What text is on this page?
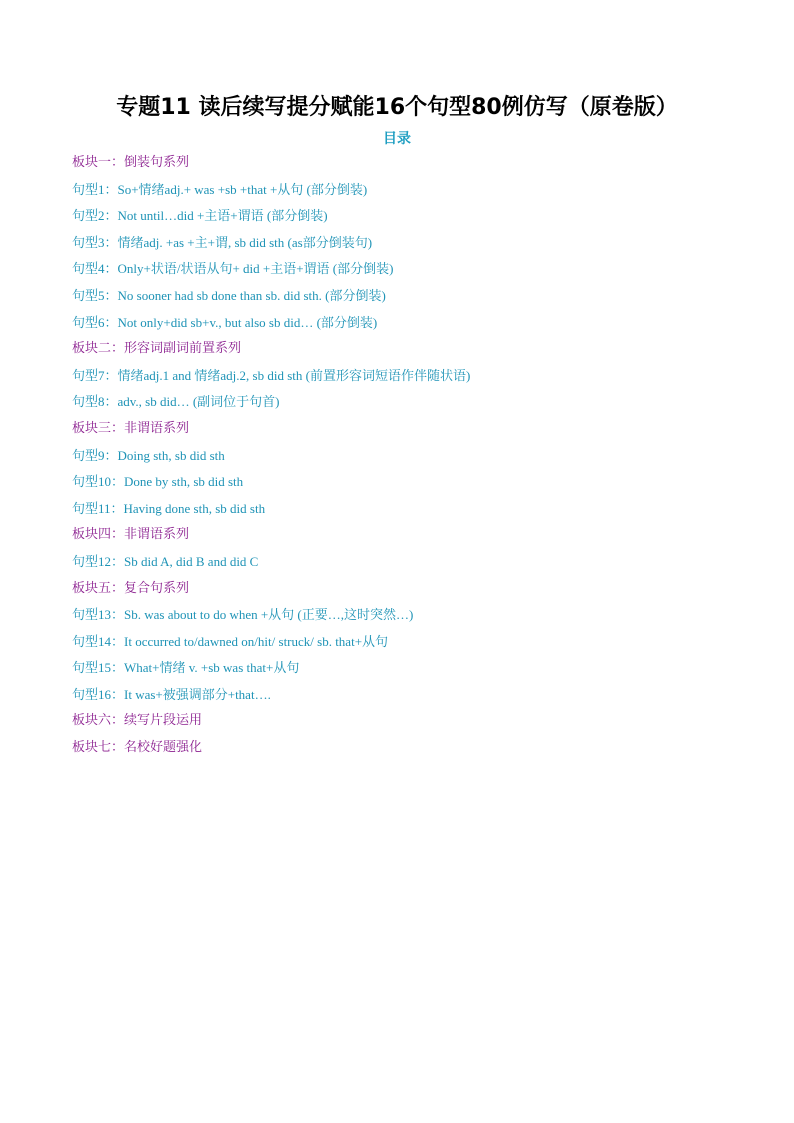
专题11 读后续写提分赋能16个句型80例仿写（原卷版）
目录
板块一：倒装句系列
句型1：So+情绪adj.+ was +sb +that +从句 (部分倒装)
句型2：Not until…did +主语+谓语 (部分倒装)
句型3：情绪adj. +as +主+谓, sb did sth (as部分倒装句)
句型4：Only+状语/状语从句+ did +主语+谓语 (部分倒装)
句型5：No sooner had sb done than sb. did sth. (部分倒装)
句型6：Not only+did sb+v., but also sb did… (部分倒装)
板块二：形容词副词前置系列
句型7：情绪adj.1 and 情绪adj.2, sb did sth (前置形容词短语作伴随状语)
句型8：adv., sb did… (副词位于句首)
板块三：非谓语系列
句型9：Doing sth, sb did sth
句型10：Done by sth, sb did sth
句型11：Having done sth, sb did sth
板块四：非谓语系列
句型12：Sb did A, did B and did C
板块五：复合句系列
句型13：Sb. was about to do when +从句 (正要…,这时突然…)
句型14：It occurred to/dawned on/hit/ struck/ sb. that+从句
句型15：What+情绪 v. +sb was that+从句
句型16：It was+被强调部分+that….
板块六：续写片段运用
板块七：名校好题强化
